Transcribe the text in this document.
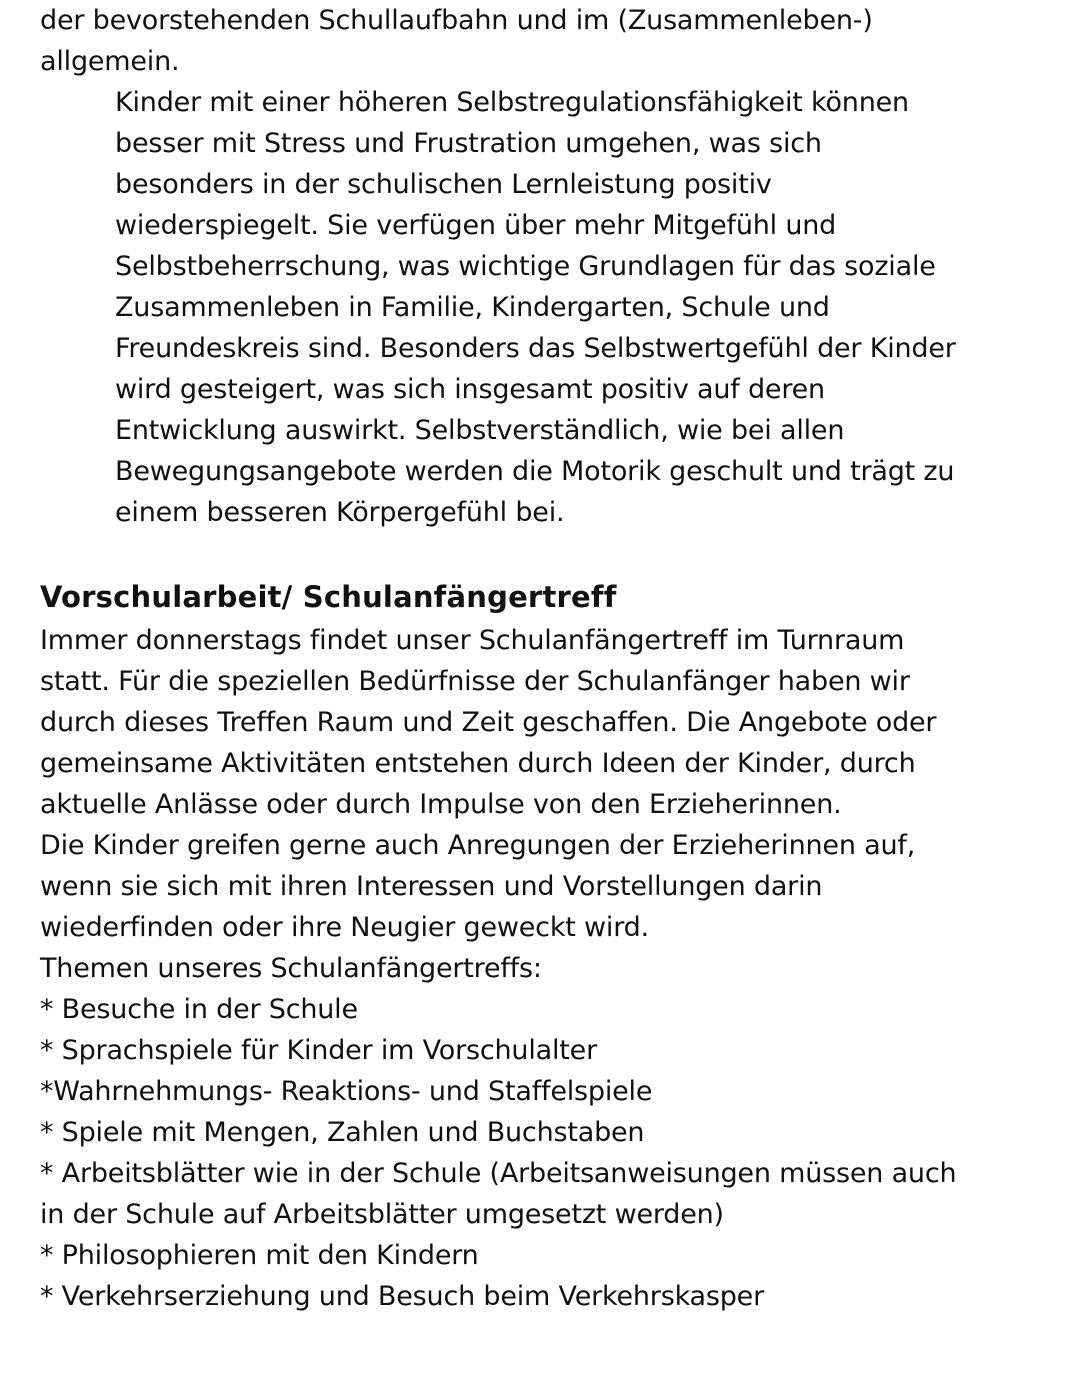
der bevorstehenden Schullaufbahn und im (Zusammenleben-)
allgemein.
Kinder mit einer höheren Selbstregulationsfähigkeit können
besser mit Stress und Frustration umgehen, was sich
besonders in der schulischen Lernleistung positiv
wiederspiegelt. Sie verfügen über mehr Mitgefühl und
Selbstbeherrschung, was wichtige Grundlagen für das soziale
Zusammenleben in Familie, Kindergarten, Schule und
Freundeskreis sind. Besonders das Selbstwertgefühl der Kinder
wird gesteigert, was sich insgesamt positiv auf deren
Entwicklung auswirkt. Selbstverständlich, wie bei allen
Bewegungsangebote werden die Motorik geschult und trägt zu
einem besseren Körpergefühl bei.
Vorschularbeit/ Schulanfängertreff
Immer donnerstags findet unser Schulanfängertreff im Turnraum
statt. Für die speziellen Bedürfnisse der Schulanfänger haben wir
durch dieses Treffen Raum und Zeit geschaffen. Die Angebote oder
gemeinsame Aktivitäten entstehen durch Ideen der Kinder, durch
aktuelle Anlässe oder durch Impulse von den Erzieherinnen.
Die Kinder greifen gerne auch Anregungen der Erzieherinnen auf,
wenn sie sich mit ihren Interessen und Vorstellungen darin
wiederfinden oder ihre Neugier geweckt wird.
Themen unseres Schulanfängertreffs:
* Besuche in der Schule
* Sprachspiele für Kinder im Vorschulalter
*Wahrnehmungs- Reaktions- und Staffelspiele
* Spiele mit Mengen, Zahlen und Buchstaben
* Arbeitsblätter wie in der Schule (Arbeitsanweisungen müssen auch
in der Schule auf Arbeitsblätter umgesetzt werden)
* Philosophieren mit den Kindern
* Verkehrserziehung und Besuch beim Verkehrskasper
